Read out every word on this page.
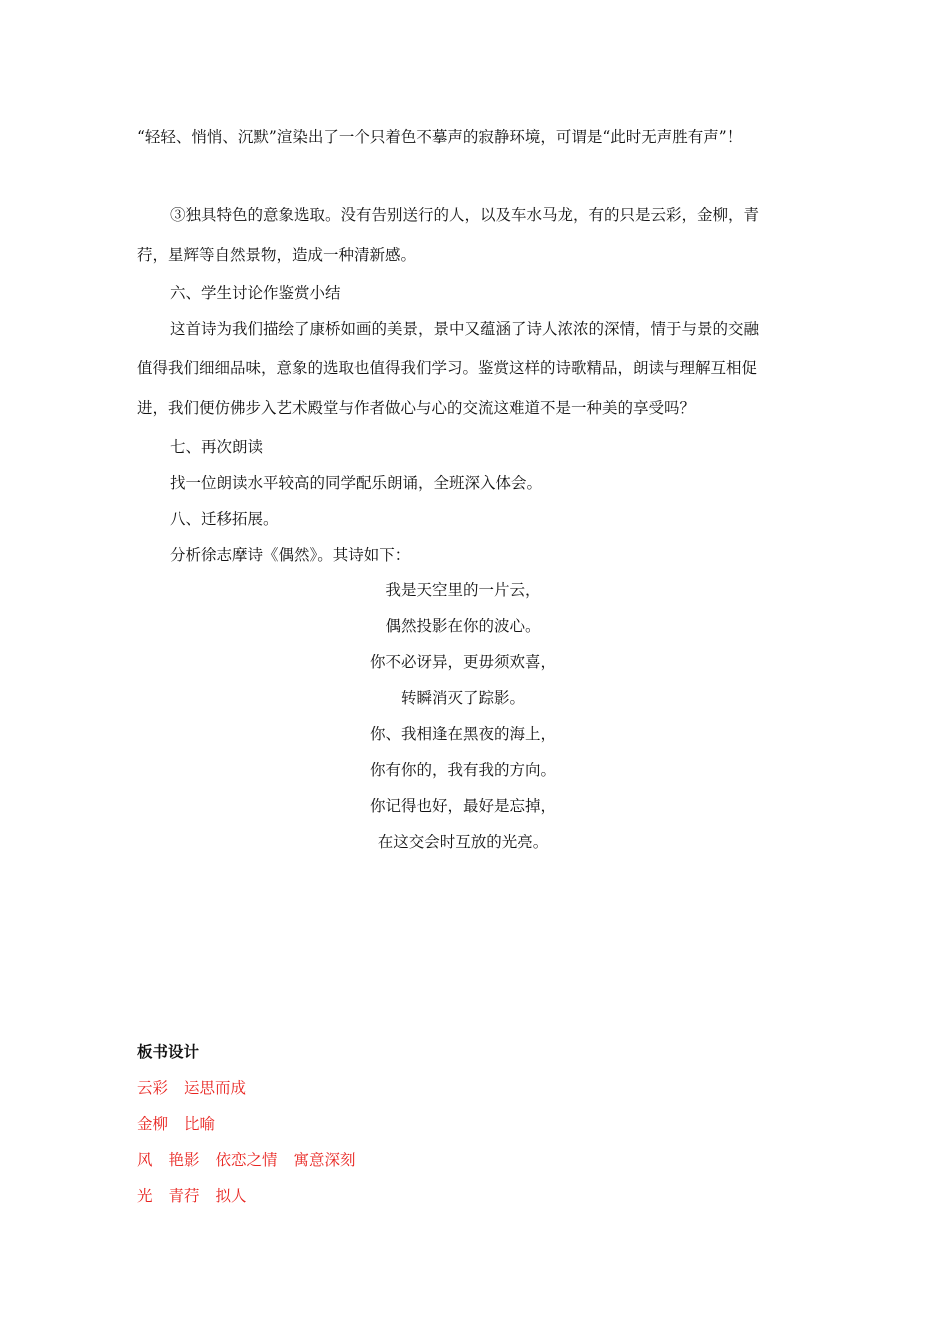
“轻轻、悄悄、沉默”渲染出了一个只着色不摹声的寂静环境，可谓是“此时无声胜有声”！
③独具特色的意象选取。没有告别送行的人，以及车水马龙，有的只是云彩，金柳，青
荇，星辉等自然景物，造成一种清新感。
六、学生讨论作鉴赏小结
这首诗为我们描绘了康桥如画的美景，景中又蕴涵了诗人浓浓的深情，情于与景的交融
值得我们细细品味，意象的选取也值得我们学习。鉴赏这样的诗歌精品，朗读与理解互相促
进，我们便仿佛步入艺术殿堂与作者做心与心的交流这难道不是一种美的享受吗？
七、再次朗读
找一位朗读水平较高的同学配乐朗诵，全班深入体会。
八、迁移拓展。
分析徐志摩诗《偶然》。其诗如下：
我是天空里的一片云，
偶然投影在你的波心。
你不必讶异，更毋须欢喜，
转瞬消灭了踪影。
你、我相逢在黑夜的海上，
你有你的，我有我的方向。
你记得也好，最好是忘掉，
在这交会时互放的光亮。
板书设计
云彩 运思而成
金柳 比喻
风 艳影 依恋之情 寓意深刻
光 青荇 拟人
